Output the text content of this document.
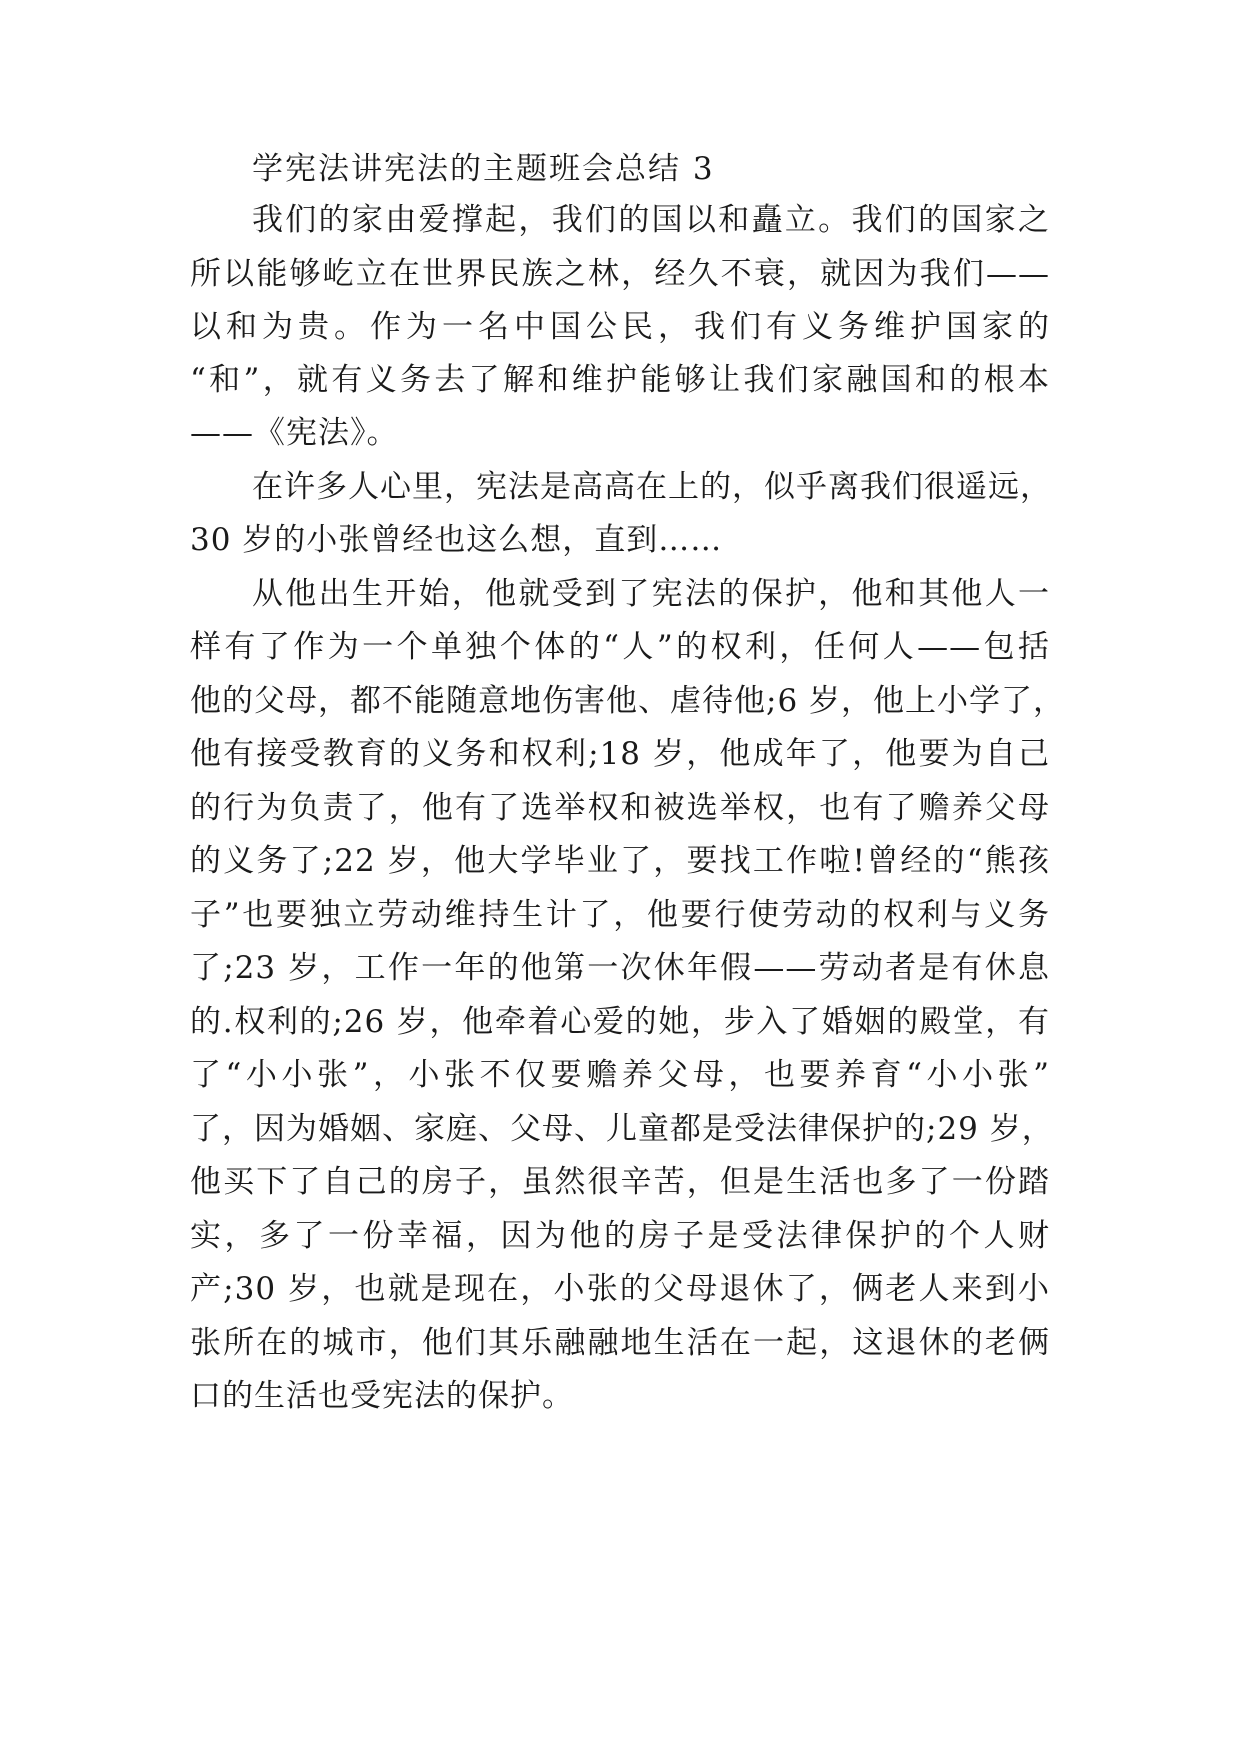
学宪法讲宪法的主题班会总结 3
我们的家由爱撑起，我们的国以和矗立。我们的国家之
所以能够屹立在世界民族之林，经久不衰，就因为我们——
以和为贵。作为一名中国公民，我们有义务维护国家的
“和”，就有义务去了解和维护能够让我们家融国和的根本
——《宪法》。
在许多人心里，宪法是高高在上的，似乎离我们很遥远，
30 岁的小张曾经也这么想，直到……
从他出生开始，他就受到了宪法的保护，他和其他人一
样有了作为一个单独个体的“人”的权利，任何人——包括
他的父母，都不能随意地伤害他、虐待他;6 岁，他上小学了，
他有接受教育的义务和权利;18 岁，他成年了，他要为自己
的行为负责了，他有了选举权和被选举权，也有了赡养父母
的义务了;22 岁，他大学毕业了，要找工作啦!曾经的“熊孩
子”也要独立劳动维持生计了，他要行使劳动的权利与义务
了;23 岁，工作一年的他第一次休年假——劳动者是有休息
的.权利的;26 岁，他牵着心爱的她，步入了婚姻的殿堂，有
了“小小张”，小张不仅要赡养父母，也要养育“小小张”
了，因为婚姻、家庭、父母、儿童都是受法律保护的;29 岁，
他买下了自己的房子，虽然很辛苦，但是生活也多了一份踏
实，多了一份幸福，因为他的房子是受法律保护的个人财
产;30 岁，也就是现在，小张的父母退休了，俩老人来到小
张所在的城市，他们其乐融融地生活在一起，这退休的老俩
口的生活也受宪法的保护。
